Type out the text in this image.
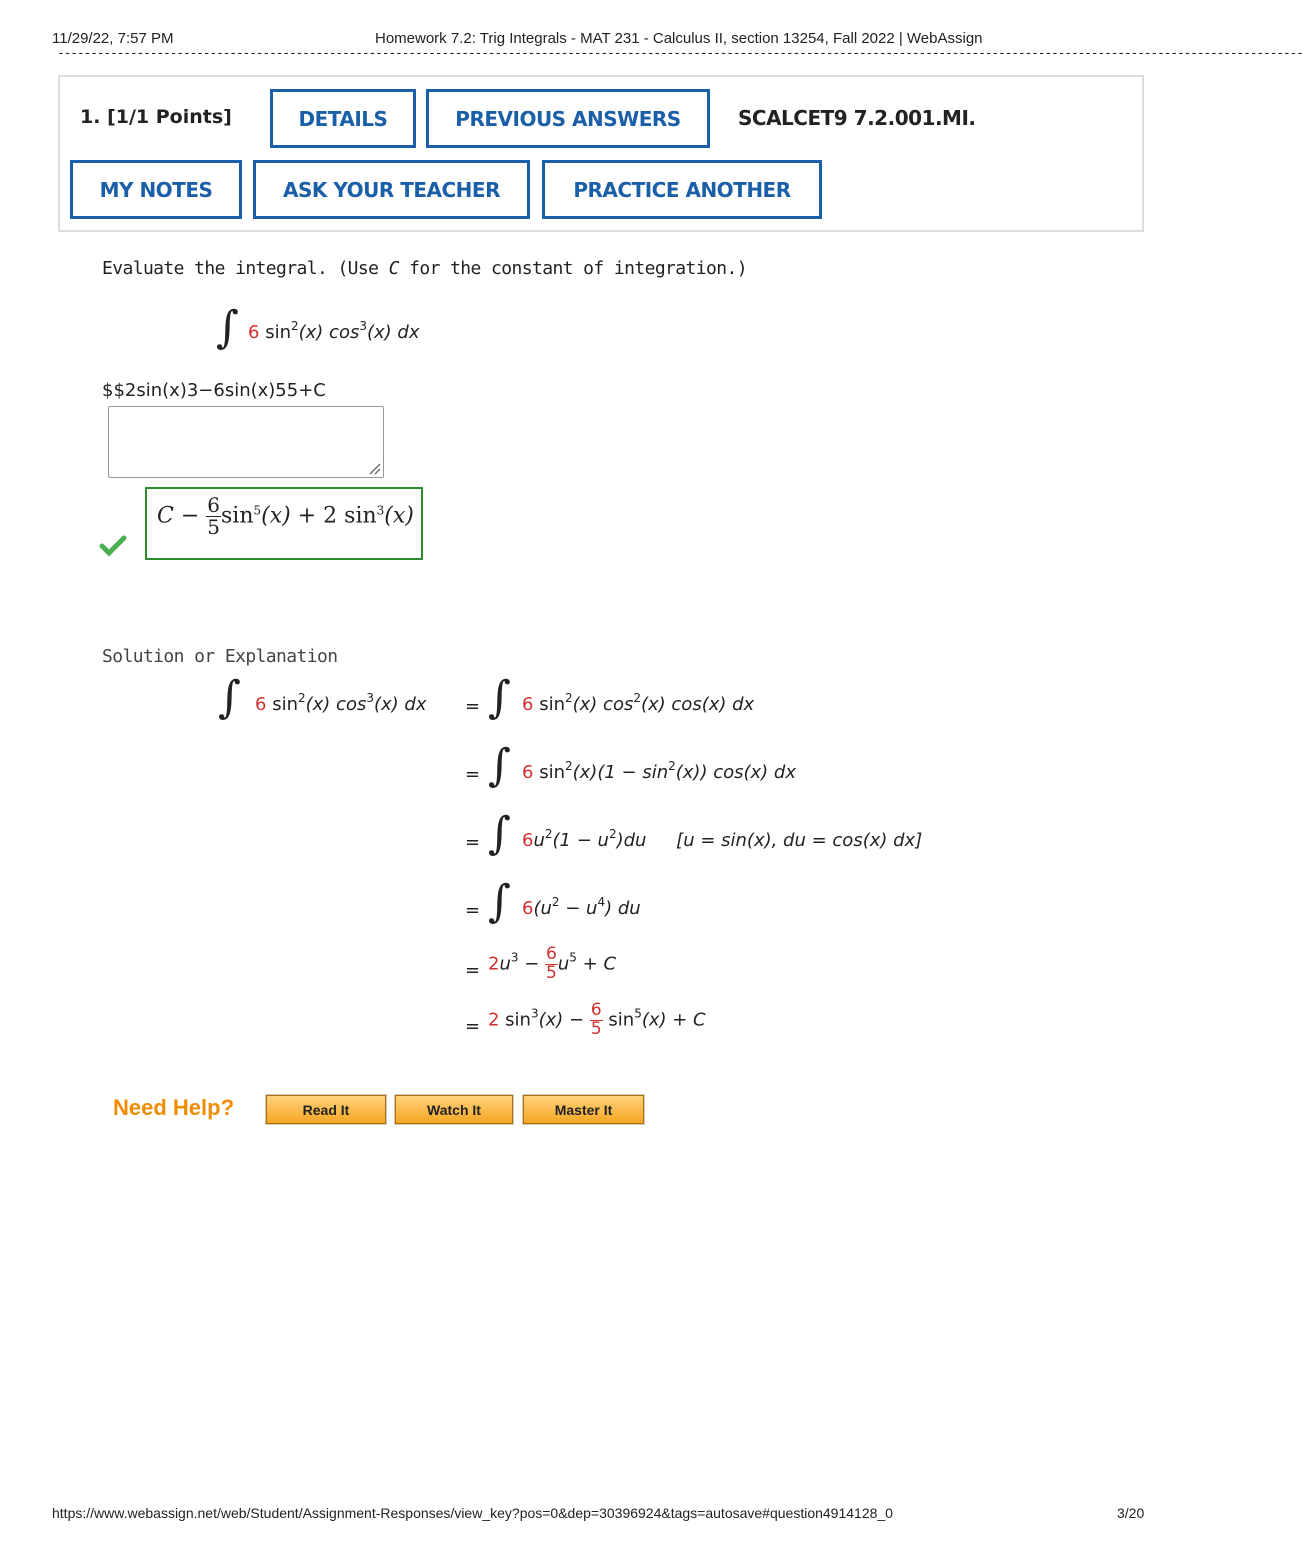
11/29/22, 7:57 PM	Homework 7.2: Trig Integrals - MAT 231 - Calculus II, section 13254, Fall 2022 | WebAssign
--------------------------------------------------------------------------------------------------------------------------------------------------------------------------------------------
1. [1/1 Points]	DETAILS	PREVIOUS ANSWERS	SCALCET9 7.2.001.MI.
MY NOTES	ASK YOUR TEACHER	PRACTICE ANOTHER
Evaluate the integral. (Use C for the constant of integration.)
∫ 6 $\sin^2(x)$ $\cos^3(x)$ dx
$$2sin(x)3−6sin(x)55+C
$C - \frac{6}{5} \sin^5(x) + 2$ $\sin^3(x)$
Solution or Explanation
∫ 6 $\sin^2(x)$ $\cos^3(x)$ dx = ∫ 6 $\sin^2(x)$ $\cos^2(x)$ cos(x) dx
= ∫ 6 $\sin^2(x)(1 - \sin^2(x))$ cos(x) dx
= ∫ $6u^2(1 - u^2)du$ [u = sin(x), du = cos(x) dx]
= ∫ $6(u^2 - u^4)$ du
= $2u^3 - \frac{6}{5} u^5 + C$
= 2 $\sin^3(x) - \frac{6}{5} \sin^5(x) + C$
Need Help?	Read It	Watch It	Master It
https://www.webassign.net/web/Student/Assignment-Responses/view_key?pos=0&dep=30396924&tags=autosave#question4914128_0	3/20
